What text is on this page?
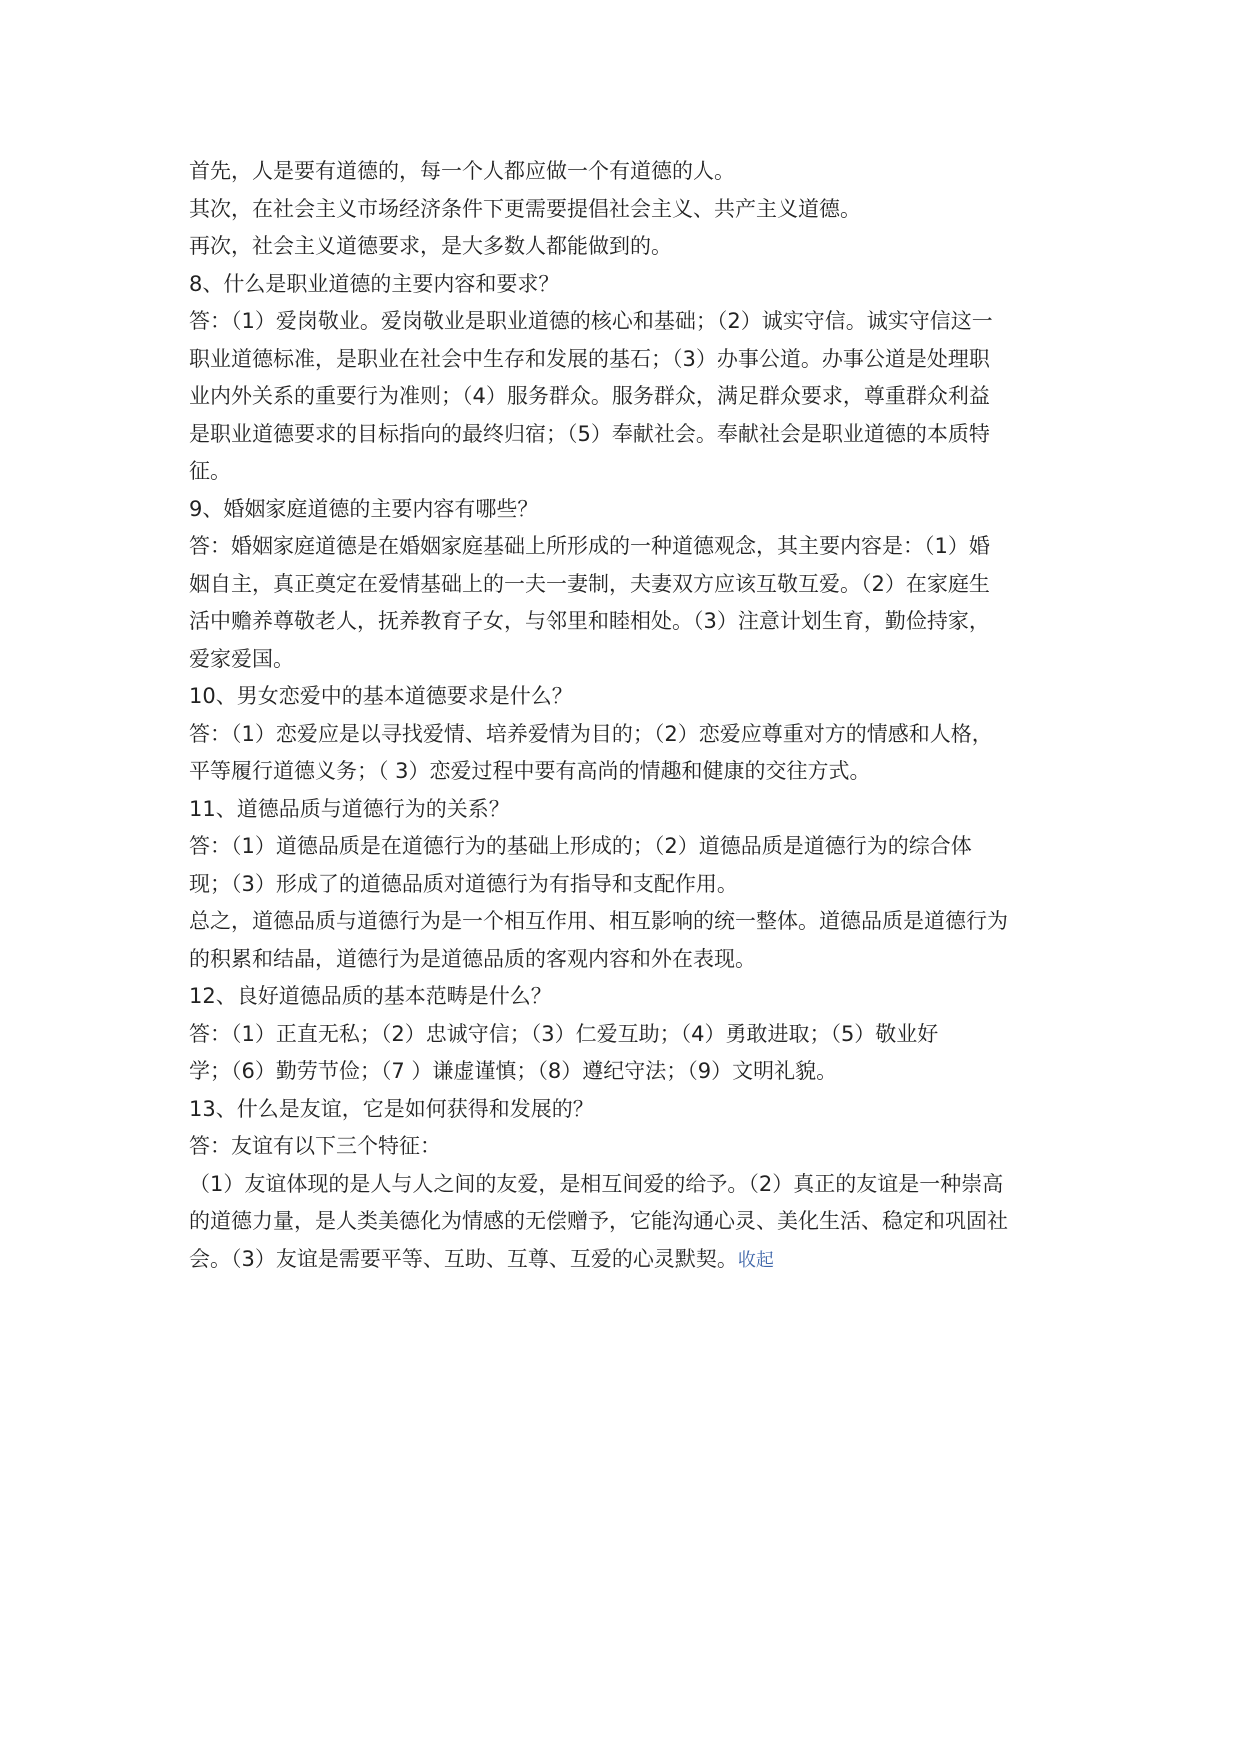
首先，人是要有道德的，每一个人都应做一个有道德的人。

其次，在社会主义市场经济条件下更需要提倡社会主义、共产主义道德。

再次，社会主义道德要求，是大多数人都能做到的。

8、什么是职业道德的主要内容和要求？

答：（1）爱岗敬业。爱岗敬业是职业道德的核心和基础；（2）诚实守信。诚实守信这一

职业道德标准，是职业在社会中生存和发展的基石；（3）办事公道。办事公道是处理职

业内外关系的重要行为准则；（4）服务群众。服务群众，满足群众要求，尊重群众利益

是职业道德要求的目标指向的最终归宿；（5）奉献社会。奉献社会是职业道德的本质特

征。

9、婚姻家庭道德的主要内容有哪些？

答：婚姻家庭道德是在婚姻家庭基础上所形成的一种道德观念，其主要内容是：（1）婚

姻自主，真正奠定在爱情基础上的一夫一妻制，夫妻双方应该互敬互爱。（2）在家庭生

活中赡养尊敬老人，抚养教育子女，与邻里和睦相处。（3）注意计划生育，勤俭持家，

爱家爱国。

10、男女恋爱中的基本道德要求是什么？

答：（1）恋爱应是以寻找爱情、培养爱情为目的；（2）恋爱应尊重对方的情感和人格，

平等履行道德义务；（ 3）恋爱过程中要有高尚的情趣和健康的交往方式。

11、道德品质与道德行为的关系？

答：（1）道德品质是在道德行为的基础上形成的；（2）道德品质是道德行为的综合体

现；（3）形成了的道德品质对道德行为有指导和支配作用。

总之，道德品质与道德行为是一个相互作用、相互影响的统一整体。道德品质是道德行为

的积累和结晶，道德行为是道德品质的客观内容和外在表现。

12、良好道德品质的基本范畴是什么？

答：（1）正直无私；（2）忠诚守信；（3）仁爱互助；（4）勇敢进取；（5）敬业好

学；（6）勤劳节俭；（7 ）谦虚谨慎；（8）遵纪守法；（9）文明礼貌。

13、什么是友谊，它是如何获得和发展的？

答：友谊有以下三个特征：

（1）友谊体现的是人与人之间的友爱，是相互间爱的给予。（2）真正的友谊是一种崇高

的道德力量，是人类美德化为情感的无偿赠予，它能沟通心灵、美化生活、稳定和巩固社

会。（3）友谊是需要平等、互助、互尊、互爱的心灵默契。收起
